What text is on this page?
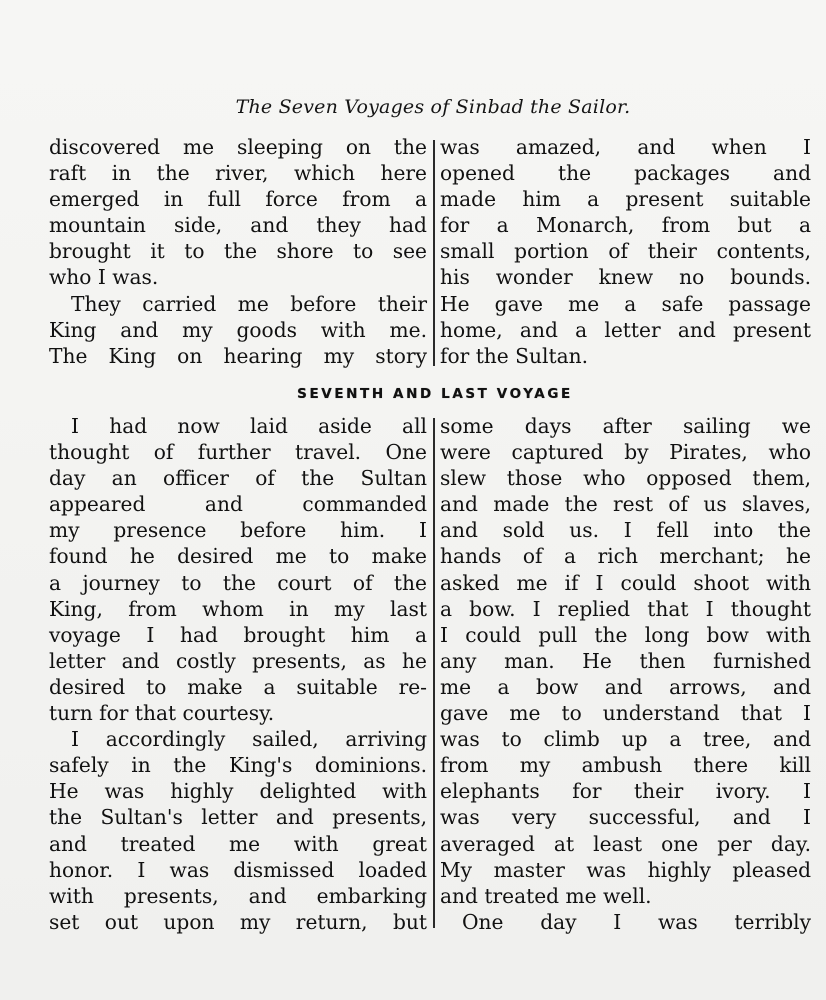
The Seven Voyages of Sinbad the Sailor.
discovered me sleeping on the
raft in the river, which here
emerged in full force from a
mountain side, and they had
brought it to the shore to see
who I was.
They carried me before their
King and my goods with me.
The King on hearing my story
was amazed, and when I
opened the packages and
made him a present suitable
for a Monarch, from but a
small portion of their contents,
his wonder knew no bounds.
He gave me a safe passage
home, and a letter and present
for the Sultan.
SEVENTH AND LAST VOYAGE
I had now laid aside all
thought of further travel. One
day an officer of the Sultan
appeared and commanded
my presence before him. I
found he desired me to make
a journey to the court of the
King, from whom in my last
voyage I had brought him a
letter and costly presents, as he
desired to make a suitable re-
turn for that courtesy.
I accordingly sailed, arriving
safely in the King's dominions.
He was highly delighted with
the Sultan's letter and presents,
and treated me with great
honor. I was dismissed loaded
with presents, and embarking
set out upon my return, but
some days after sailing we
were captured by Pirates, who
slew those who opposed them,
and made the rest of us slaves,
and sold us. I fell into the
hands of a rich merchant; he
asked me if I could shoot with
a bow. I replied that I thought
I could pull the long bow with
any man. He then furnished
me a bow and arrows, and
gave me to understand that I
was to climb up a tree, and
from my ambush there kill
elephants for their ivory. I
was very successful, and I
averaged at least one per day.
My master was highly pleased
and treated me well.
One day I was terribly
